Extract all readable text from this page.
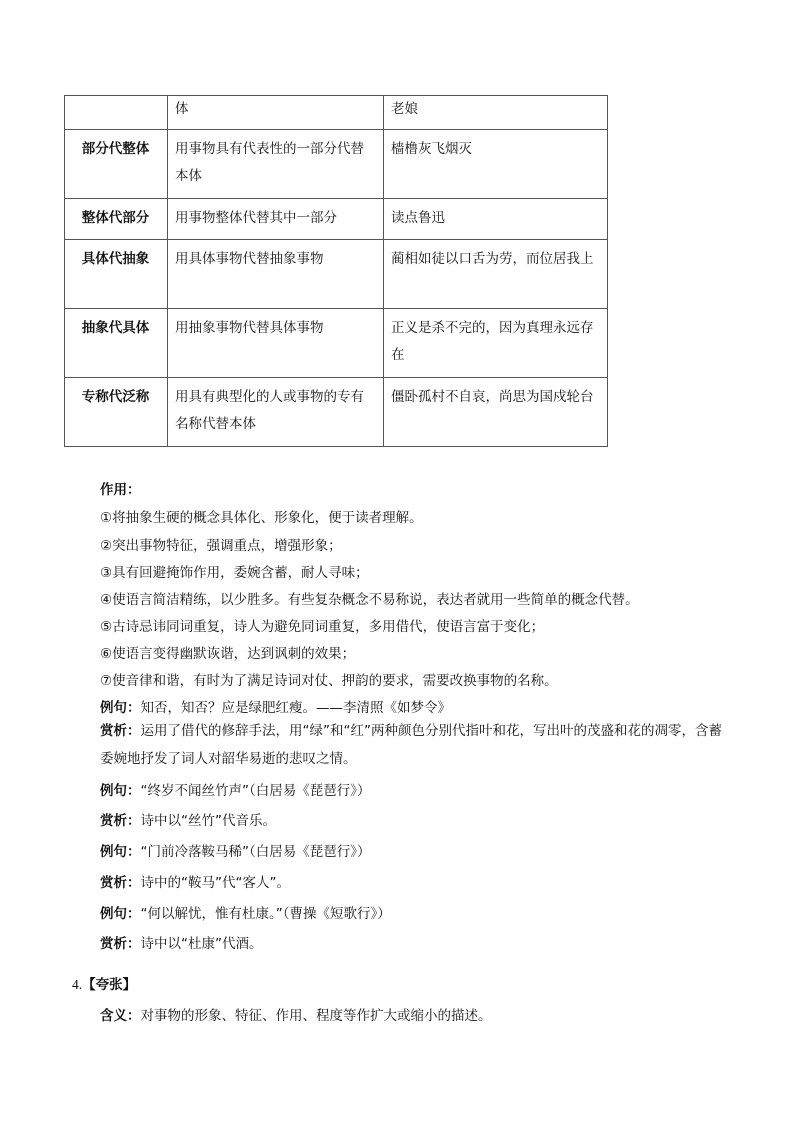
	体	老娘
部分代整体	用事物具有代表性的一部分代替本体	樯橹灰飞烟灭
整体代部分	用事物整体代替其中一部分	读点鲁迅
具体代抽象	用具体事物代替抽象事物	蔺相如徒以口舌为劳，而位居我上
抽象代具体	用抽象事物代替具体事物	正义是杀不完的，因为真理永远存在
专称代泛称	用具有典型化的人或事物的专有名称代替本体	僵卧孤村不自哀，尚思为国戍轮台
作用：
①将抽象生硬的概念具体化、形象化，便于读者理解。
②突出事物特征，强调重点，增强形象；
③具有回避掩饰作用，委婉含蓄，耐人寻味；
④使语言简洁精练，以少胜多。有些复杂概念不易称说，表达者就用一些简单的概念代替。
⑤古诗忌讳同词重复，诗人为避免同词重复，多用借代，使语言富于变化；
⑥使语言变得幽默诙谐，达到讽刺的效果；
⑦使音律和谐，有时为了满足诗词对仗、押韵的要求，需要改换事物的名称。
例句：知否，知否？应是绿肥红瘦。——李清照《如梦令》
赏析：运用了借代的修辞手法，用“绿”和“红”两种颜色分别代指叶和花，写出叶的茂盛和花的凋零，含蓄委婉地抒发了词人对韶华易逝的悲叹之情。
例句：“终岁不闻丝竹声”（白居易《琵琶行》）
赏析：诗中以“丝竹”代音乐。
例句：“门前冷落鞍马稀”（白居易《琵琶行》）
赏析：诗中的“鞍马”代“客人”。
例句：“何以解忧，惟有杜康。”（曹操《短歌行》）
赏析：诗中以“杜康”代酒。
4.【夸张】
含义：对事物的形象、特征、作用、程度等作扩大或缩小的描述。
